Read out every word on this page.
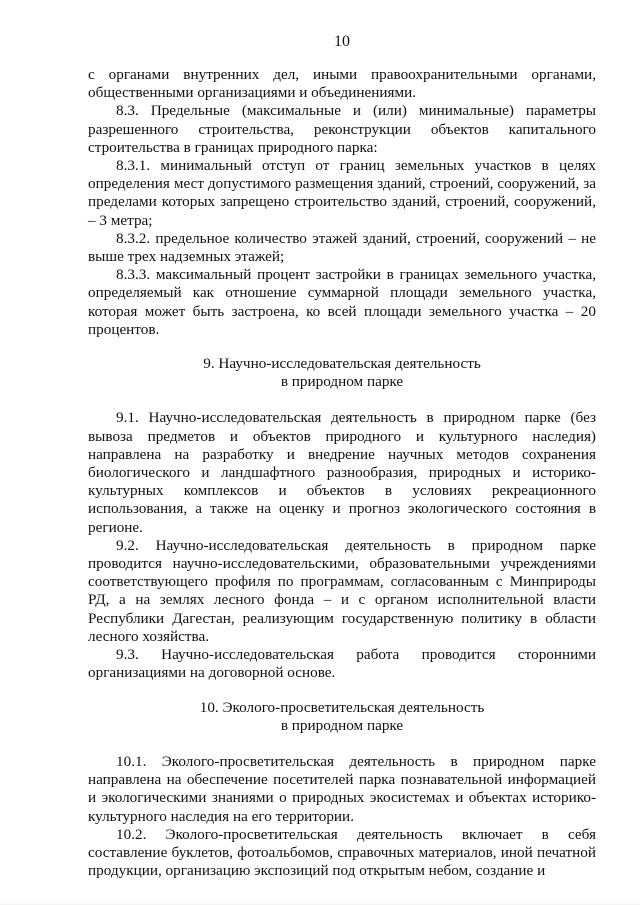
10

с органами внутренних дел, иными правоохранительными органами, общественными организациями и объединениями.

8.3. Предельные (максимальные и (или) минимальные) параметры разрешенного строительства, реконструкции объектов капитального строительства в границах природного парка:

8.3.1. минимальный отступ от границ земельных участков в целях определения мест допустимого размещения зданий, строений, сооружений, за пределами которых запрещено строительство зданий, строений, сооружений, – 3 метра;

8.3.2. предельное количество этажей зданий, строений, сооружений – не выше трех надземных этажей;

8.3.3. максимальный процент застройки в границах земельного участка, определяемый как отношение суммарной площади земельного участка, которая может быть застроена, ко всей площади земельного участка – 20 процентов.

9. Научно-исследовательская деятельность

в природном парке

9.1. Научно-исследовательская деятельность в природном парке (без вывоза предметов и объектов природного и культурного наследия) направлена на разработку и внедрение научных методов сохранения биологического и ландшафтного разнообразия, природных и историко-культурных комплексов и объектов в условиях рекреационного использования, а также на оценку и прогноз экологического состояния в регионе.

9.2. Научно-исследовательская деятельность в природном парке проводится научно-исследовательскими, образовательными учреждениями соответствующего профиля по программам, согласованным с Минприроды РД, а на землях лесного фонда – и с органом исполнительной власти Республики Дагестан, реализующим государственную политику в области лесного хозяйства.

9.3. Научно-исследовательская работа проводится сторонними организациями на договорной основе.

10. Эколого-просветительская деятельность

в природном парке

10.1. Эколого-просветительская деятельность в природном парке направлена на обеспечение посетителей парка познавательной информацией и экологическими знаниями о природных экосистемах и объектах историко-культурного наследия на его территории.

10.2. Эколого-просветительская деятельность включает в себя составление буклетов, фотоальбомов, справочных материалов, иной печатной продукции, организацию экспозиций под открытым небом, создание и
